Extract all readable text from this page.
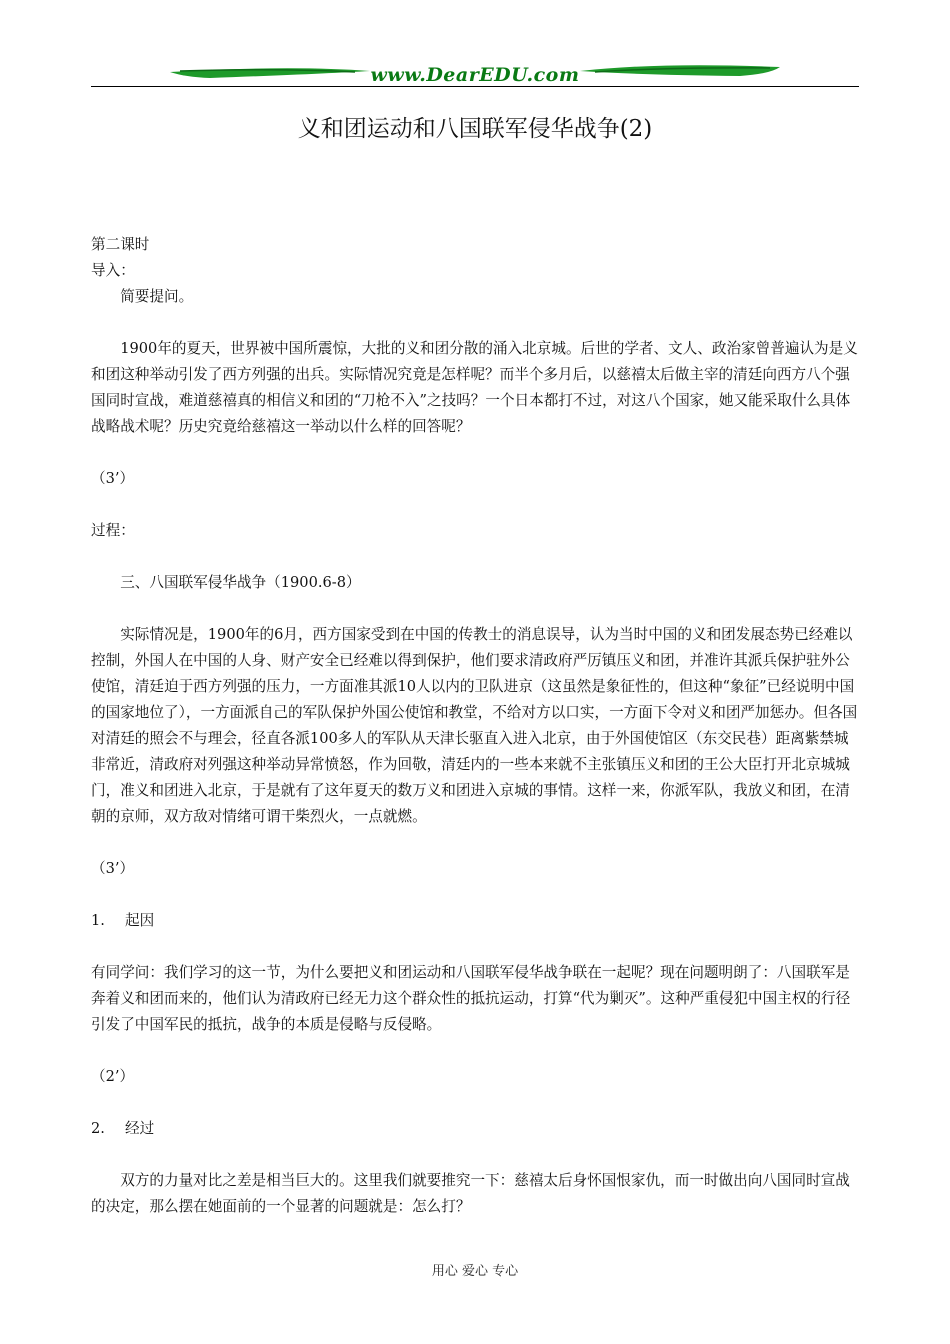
www.DearEDU.com
义和团运动和八国联军侵华战争(2)

第二课时

导入：

简要提问。

1900年的夏天，世界被中国所震惊，大批的义和团分散的涌入北京城。后世的学者、文人、政治家曾普遍认为是义和团这种举动引发了西方列强的出兵。实际情况究竟是怎样呢？而半个多月后，以慈禧太后做主宰的清廷向西方八个强国同时宣战，难道慈禧真的相信义和团的“刀枪不入”之技吗？一个日本都打不过，对这八个国家，她又能采取什么具体战略战术呢？历史究竟给慈禧这一举动以什么样的回答呢？

（3’）

过程：

三、八国联军侵华战争（1900.6-8）

实际情况是，1900年的6月，西方国家受到在中国的传教士的消息误导，认为当时中国的义和团发展态势已经难以控制，外国人在中国的人身、财产安全已经难以得到保护，他们要求清政府严厉镇压义和团，并准许其派兵保护驻外公使馆，清廷迫于西方列强的压力，一方面准其派10人以内的卫队进京（这虽然是象征性的，但这种“象征”已经说明中国的国家地位了），一方面派自己的军队保护外国公使馆和教堂，不给对方以口实，一方面下令对义和团严加惩办。但各国对清廷的照会不与理会，径直各派100多人的军队从天津长驱直入进入北京，由于外国使馆区（东交民巷）距离紫禁城非常近，清政府对列强这种举动异常愤怒，作为回敬，清廷内的一些本来就不主张镇压义和团的王公大臣打开北京城城门，准义和团进入北京，于是就有了这年夏天的数万义和团进入京城的事情。这样一来，你派军队，我放义和团，在清朝的京师，双方敌对情绪可谓干柴烈火，一点就燃。

（3’）

1. 起因

有同学问：我们学习的这一节，为什么要把义和团运动和八国联军侵华战争联在一起呢？现在问题明朗了：八国联军是奔着义和团而来的，他们认为清政府已经无力这个群众性的抵抗运动，打算“代为剿灭”。这种严重侵犯中国主权的行径引发了中国军民的抵抗，战争的本质是侵略与反侵略。

（2’）

2. 经过

双方的力量对比之差是相当巨大的。这里我们就要推究一下：慈禧太后身怀国恨家仇，而一时做出向八国同时宣战的决定，那么摆在她面前的一个显著的问题就是：怎么打？

用心 爱心 专心
